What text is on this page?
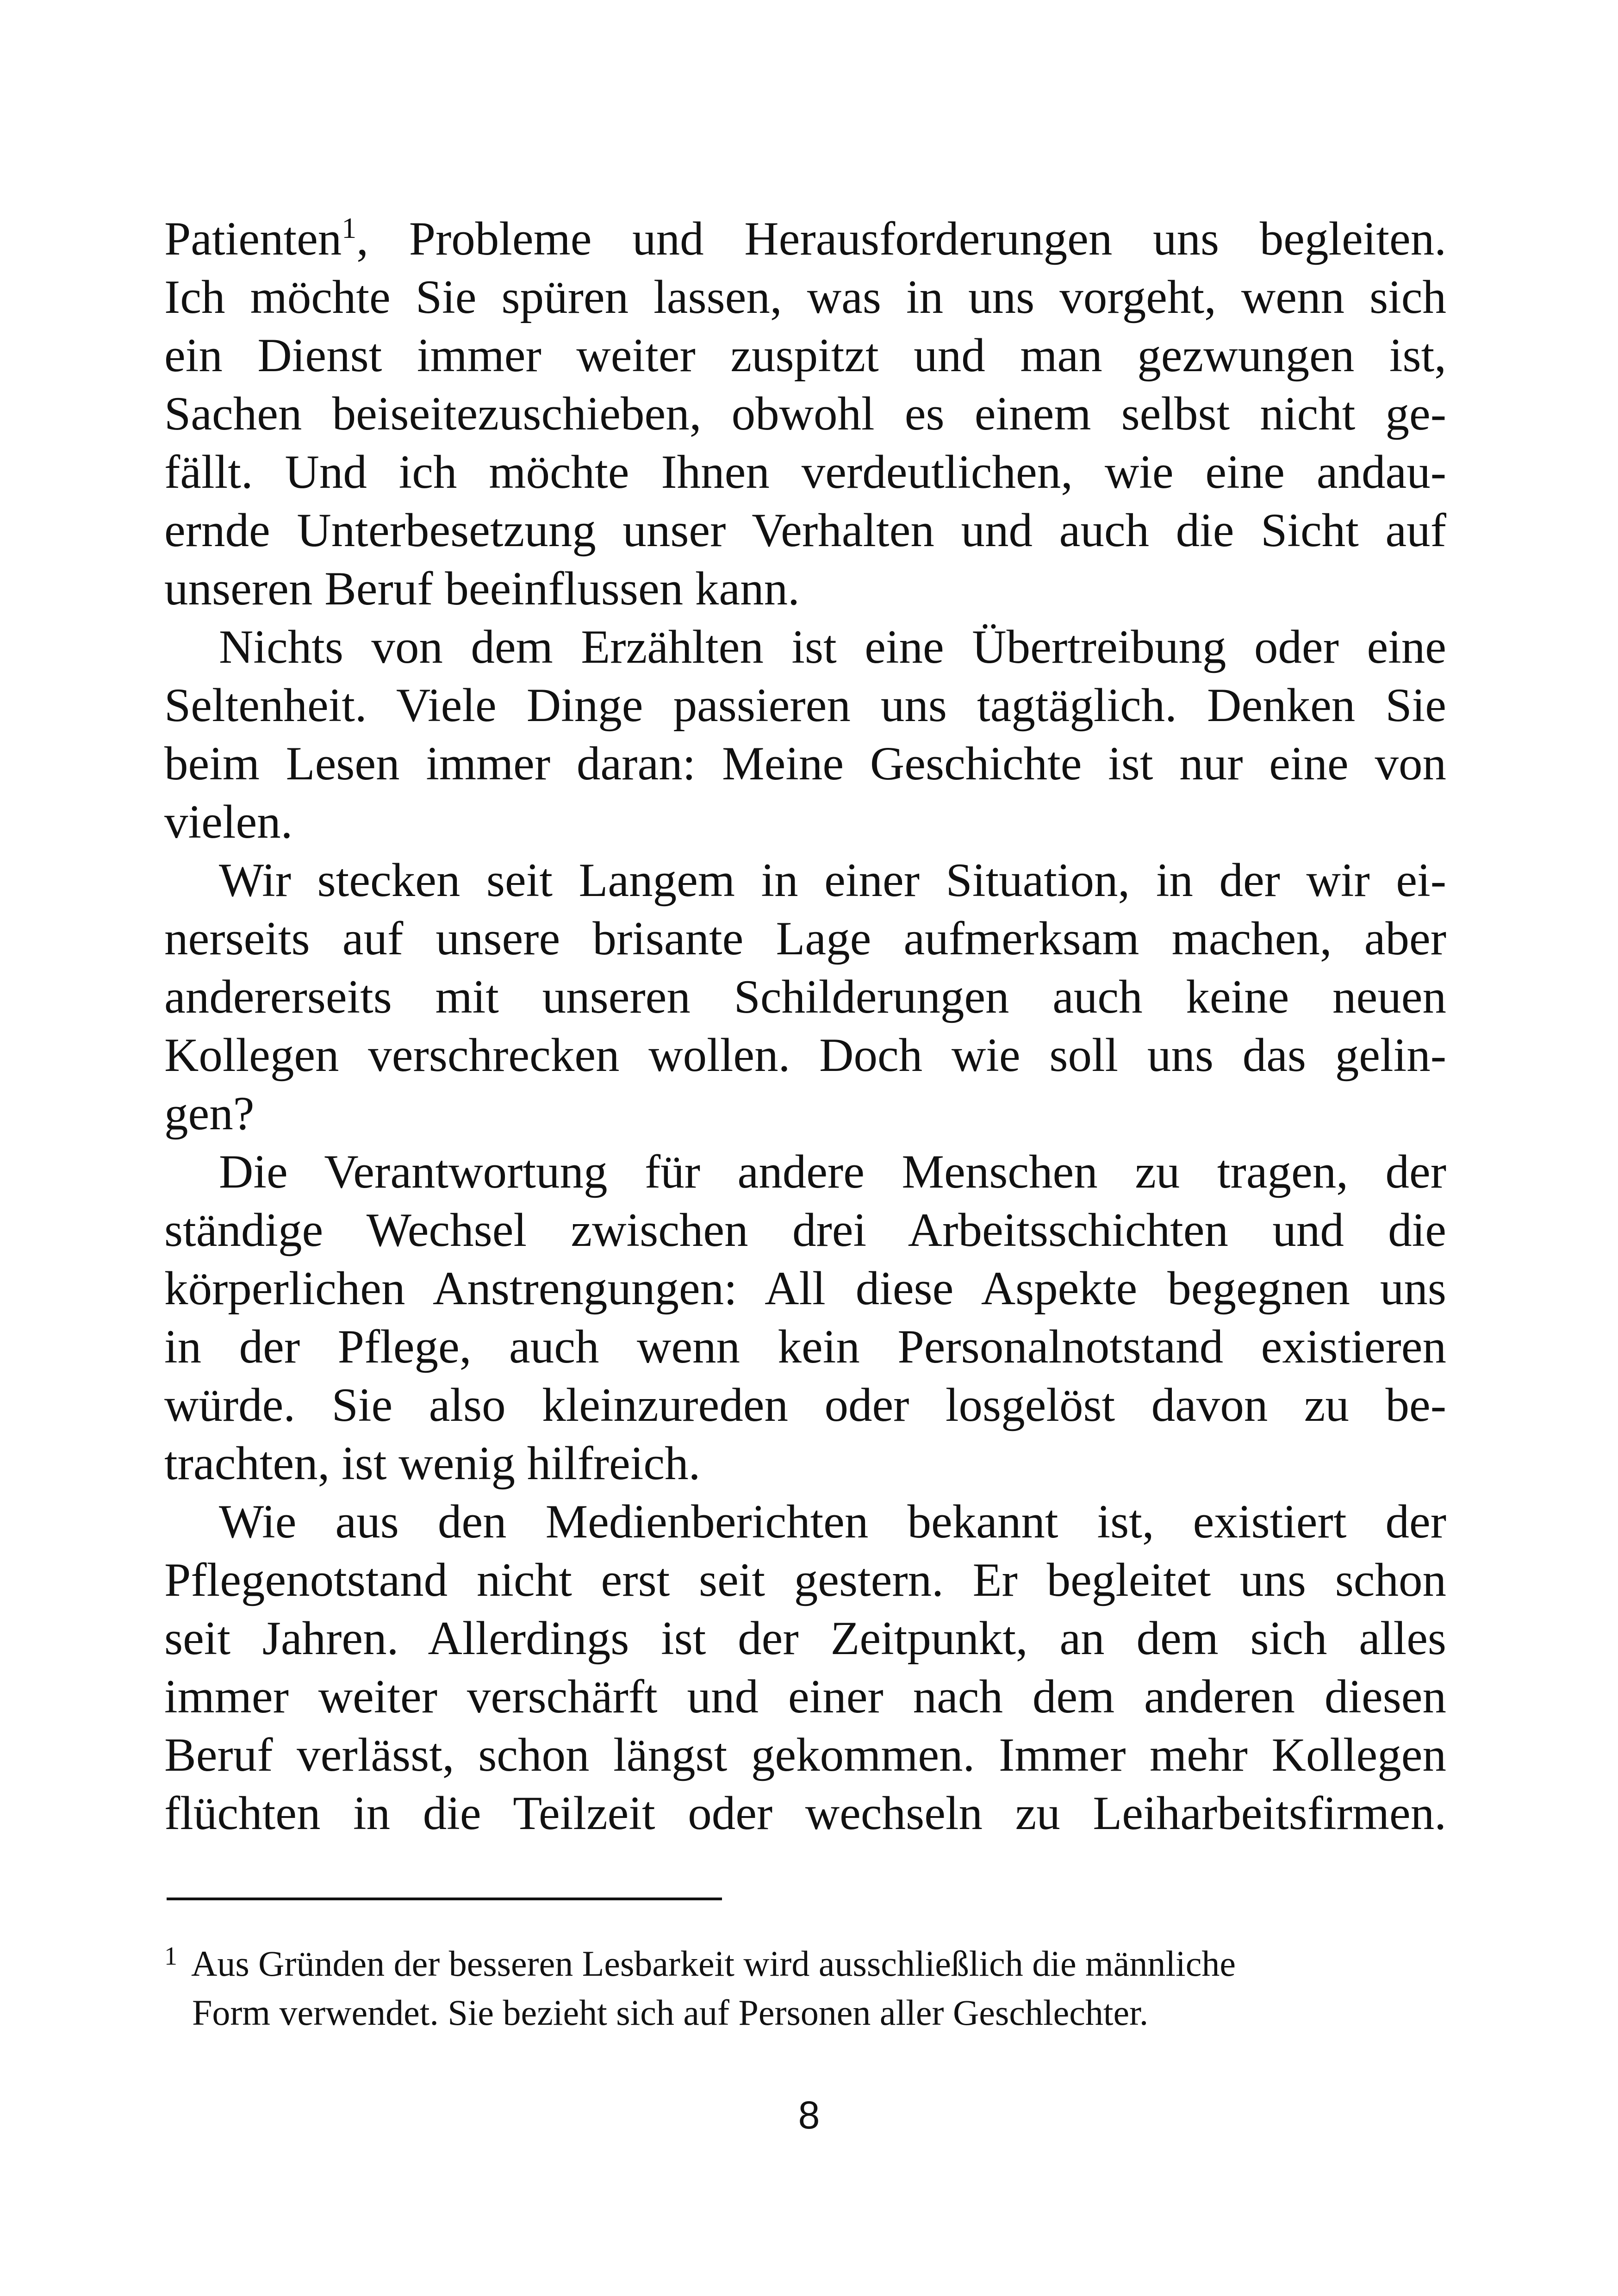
Patienten$^1$, Probleme und Herausforderungen uns begleiten.
Ich möchte Sie spüren lassen, was in uns vorgeht, wenn sich
ein Dienst immer weiter zuspitzt und man gezwungen ist,
Sachen beiseitezuschieben, obwohl es einem selbst nicht ge-
fällt. Und ich möchte Ihnen verdeutlichen, wie eine andau-
ernde Unterbesetzung unser Verhalten und auch die Sicht auf
unseren Beruf beeinflussen kann.

Nichts von dem Erzählten ist eine Übertreibung oder eine
Seltenheit. Viele Dinge passieren uns tagtäglich. Denken Sie
beim Lesen immer daran: Meine Geschichte ist nur eine von
vielen.

Wir stecken seit Langem in einer Situation, in der wir ei-
nerseits auf unsere brisante Lage aufmerksam machen, aber
andererseits mit unseren Schilderungen auch keine neuen
Kollegen verschrecken wollen. Doch wie soll uns das gelin-
gen?

Die Verantwortung für andere Menschen zu tragen, der
ständige Wechsel zwischen drei Arbeitsschichten und die
körperlichen Anstrengungen: All diese Aspekte begegnen uns
in der Pflege, auch wenn kein Personalnotstand existieren
würde. Sie also kleinzureden oder losgelöst davon zu be-
trachten, ist wenig hilfreich.

Wie aus den Medienberichten bekannt ist, existiert der
Pflegenotstand nicht erst seit gestern. Er begleitet uns schon
seit Jahren. Allerdings ist der Zeitpunkt, an dem sich alles
immer weiter verschärft und einer nach dem anderen diesen
Beruf verlässt, schon längst gekommen. Immer mehr Kollegen
flüchten in die Teilzeit oder wechseln zu Leiharbeitsfirmen.

$^1$ Aus Gründen der besseren Lesbarkeit wird ausschließlich die männliche
Form verwendet. Sie bezieht sich auf Personen aller Geschlechter.
8
